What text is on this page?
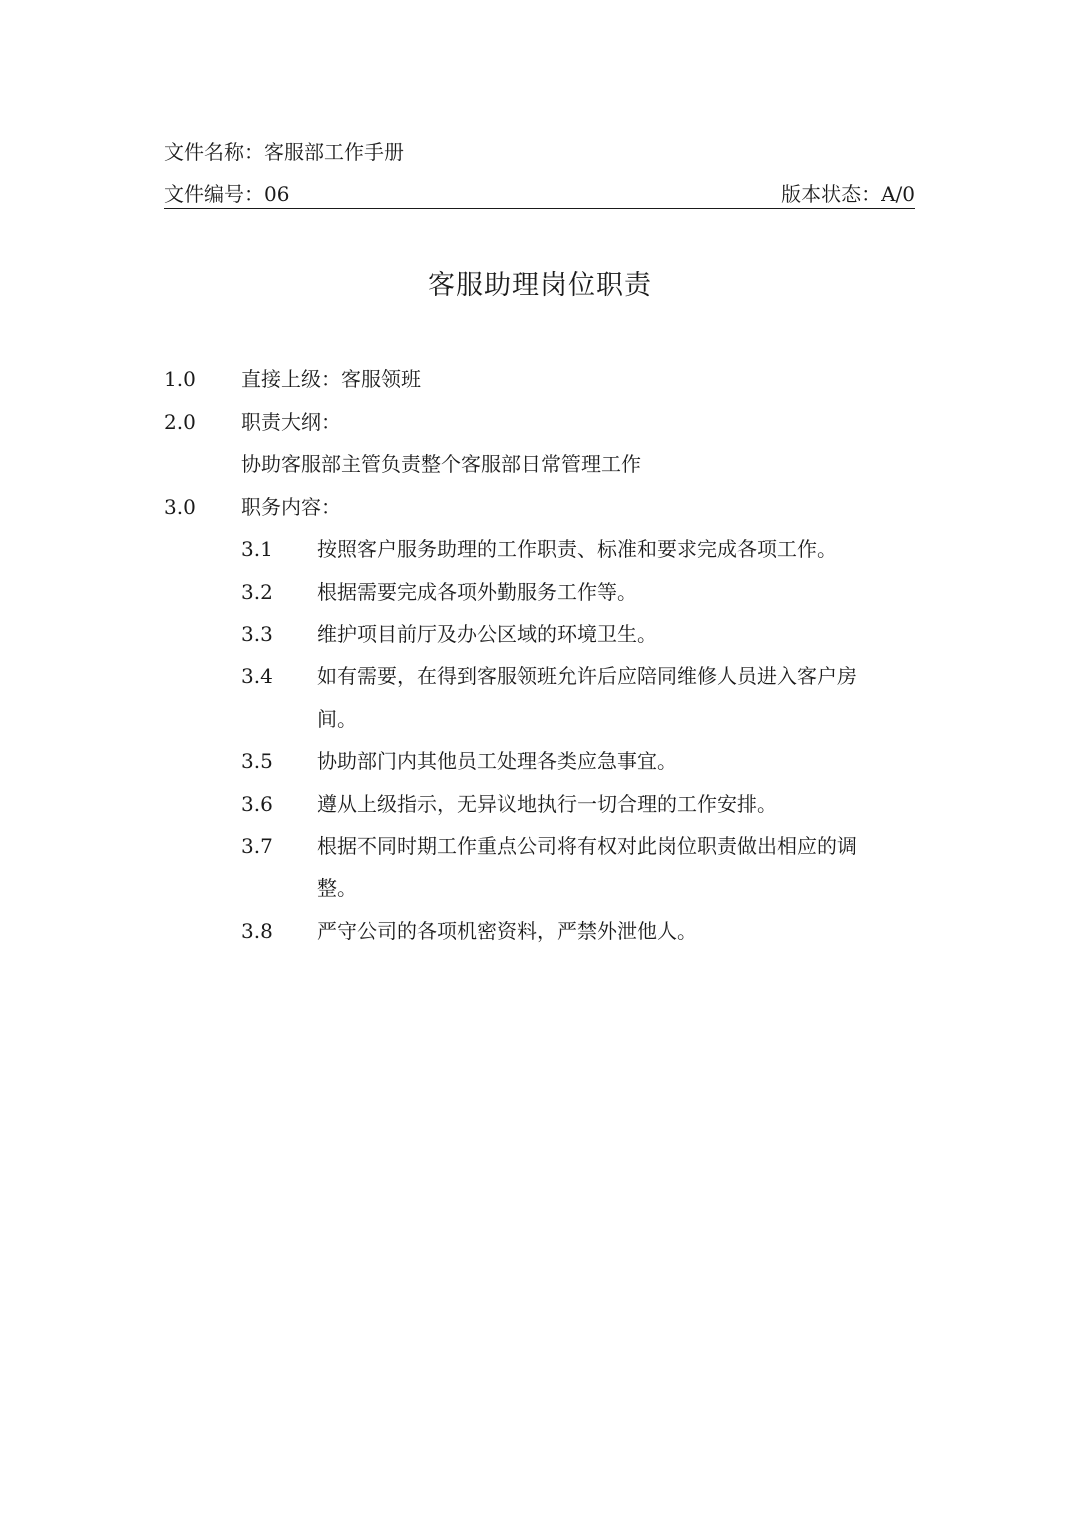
文件名称：客服部工作手册
文件编号：06	版本状态：A/0
客服助理岗位职责
1.0 直接上级：客服领班
2.0 职责大纲：
协助客服部主管负责整个客服部日常管理工作
3.0 职务内容：
3.1 按照客户服务助理的工作职责、标准和要求完成各项工作。
3.2 根据需要完成各项外勤服务工作等。
3.3 维护项目前厅及办公区域的环境卫生。
3.4 如有需要，在得到客服领班允许后应陪同维修人员进入客户房
间。
3.5 协助部门内其他员工处理各类应急事宜。
3.6 遵从上级指示，无异议地执行一切合理的工作安排。
3.7 根据不同时期工作重点公司将有权对此岗位职责做出相应的调
整。
3.8 严守公司的各项机密资料，严禁外泄他人。
